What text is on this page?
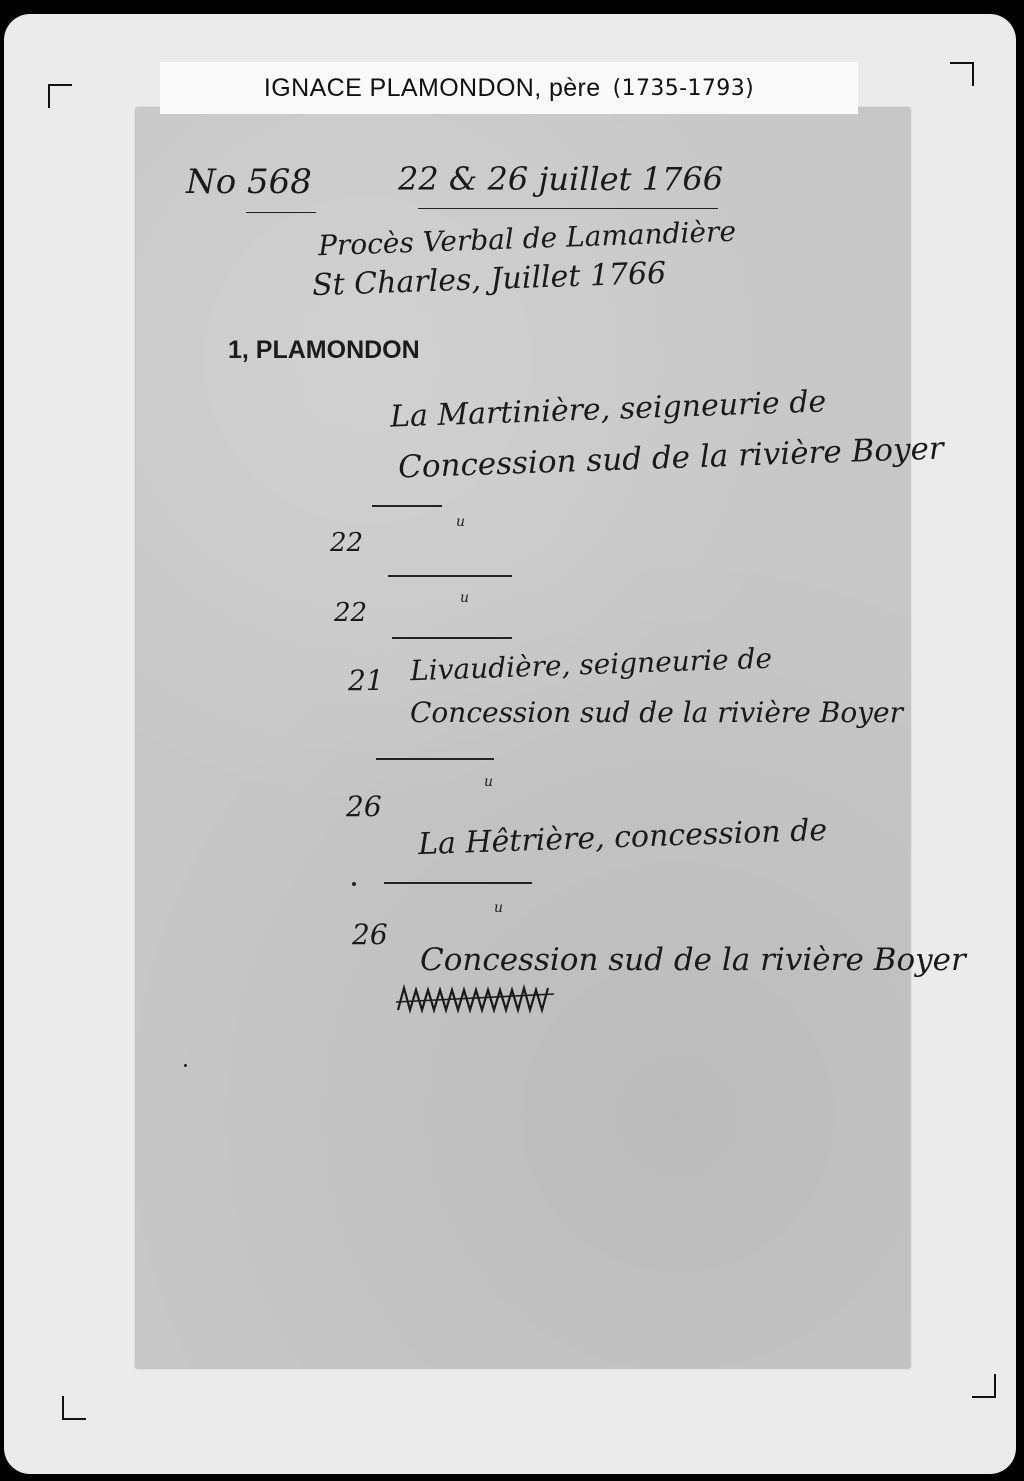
IGNACE PLAMONDON, père (1735-1793)
No 568	22 & 26 juillet 1766
Procès Verbal de Lamandière
St Charles, Juillet 1766
1, PLAMONDON
La Martinière, seigneurie de
Concession sud de la rivière Boyer
u
22
u
22
21 Livaudière, seigneurie de
Concession sud de la rivière Boyer
u
26
La Hêtrière, concession de
u
26
Concession sud de la rivière Boyer
